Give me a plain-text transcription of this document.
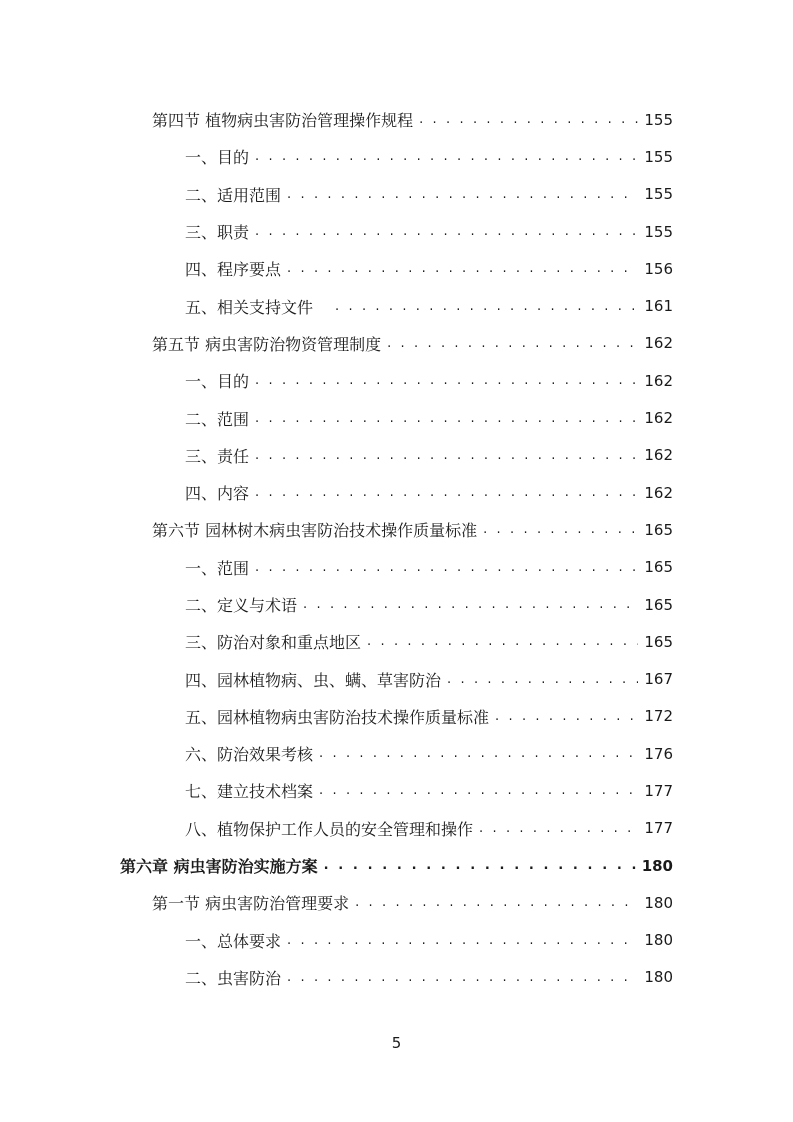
第四节 植物病虫害防治管理操作规程 . . .	155
一、目的 . . .	155
二、适用范围 . . .	155
三、职责 . . .	155
四、程序要点 . . .	156
五、相关支持文件 . . .	161
第五节 病虫害防治物资管理制度 . . .	162
一、目的 . . .	162
二、范围 . . .	162
三、责任 . . .	162
四、内容 . . .	162
第六节 园林树木病虫害防治技术操作质量标准 . . .	165
一、范围 . . .	165
二、定义与术语 . . .	165
三、防治对象和重点地区 . . .	165
四、园林植物病、虫、螨、草害防治 . . .	167
五、园林植物病虫害防治技术操作质量标准 . . .	172
六、防治效果考核 . . .	176
七、建立技术档案 . . .	177
八、植物保护工作人员的安全管理和操作 . . .	177
第六章 病虫害防治实施方案 . . .	180
第一节 病虫害防治管理要求 . . .	180
一、总体要求 . . .	180
二、虫害防治 . . .	180
5
